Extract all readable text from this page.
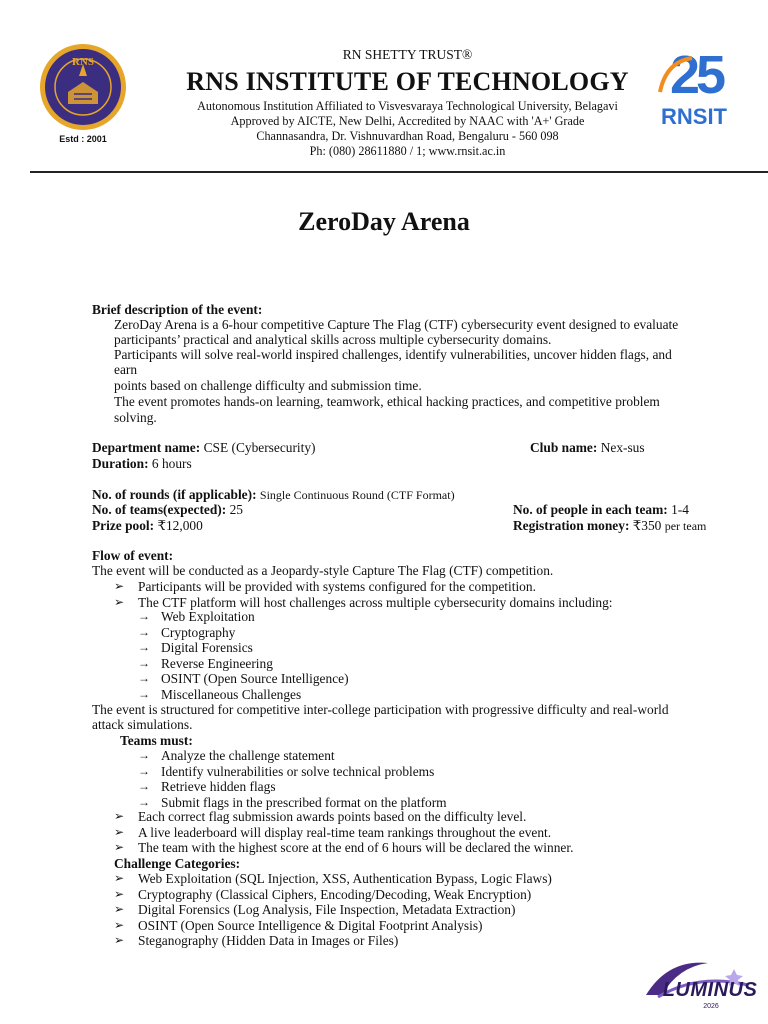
RNS
Estd : 2001
RN SHETTY TRUST®
RNS INSTITUTE OF TECHNOLOGY
Autonomous Institution Affiliated to Visvesvaraya Technological University, Belagavi
Approved by AICTE, New Delhi, Accredited by NAAC with 'A+' Grade
Channasandra, Dr. Vishnuvardhan Road, Bengaluru - 560 098
Ph: (080) 28611880 / 1; www.rnsit.ac.in
25
RNSIT
ZeroDay Arena
Brief description of the event:
ZeroDay Arena is a 6-hour competitive Capture The Flag (CTF) cybersecurity event designed to evaluate
participants’ practical and analytical skills across multiple cybersecurity domains.
Participants will solve real-world inspired challenges, identify vulnerabilities, uncover hidden flags, and
earn
points based on challenge difficulty and submission time.
The event promotes hands-on learning, teamwork, ethical hacking practices, and competitive problem
solving.
Department name: CSE (Cybersecurity)	Club name: Nex-sus
Duration: 6 hours
No. of rounds (if applicable): Single Continuous Round (CTF Format)
No. of teams(expected): 25	No. of people in each team: 1-4
Prize pool: ₹12,000	Registration money: ₹350 per team
Flow of event:
The event will be conducted as a Jeopardy-style Capture The Flag (CTF) competition.
➢ Participants will be provided with systems configured for the competition.
➢ The CTF platform will host challenges across multiple cybersecurity domains including:
→ Web Exploitation
→ Cryptography
→ Digital Forensics
→ Reverse Engineering
→ OSINT (Open Source Intelligence)
→ Miscellaneous Challenges
The event is structured for competitive inter-college participation with progressive difficulty and real-world
attack simulations.
Teams must:
→ Analyze the challenge statement
→ Identify vulnerabilities or solve technical problems
→ Retrieve hidden flags
→ Submit flags in the prescribed format on the platform
➢ Each correct flag submission awards points based on the difficulty level.
➢ A live leaderboard will display real-time team rankings throughout the event.
➢ The team with the highest score at the end of 6 hours will be declared the winner.
Challenge Categories:
➢ Web Exploitation (SQL Injection, XSS, Authentication Bypass, Logic Flaws)
➢ Cryptography (Classical Ciphers, Encoding/Decoding, Weak Encryption)
➢ Digital Forensics (Log Analysis, File Inspection, Metadata Extraction)
➢ OSINT (Open Source Intelligence & Digital Footprint Analysis)
➢ Steganography (Hidden Data in Images or Files)
LUMINUS
2026
